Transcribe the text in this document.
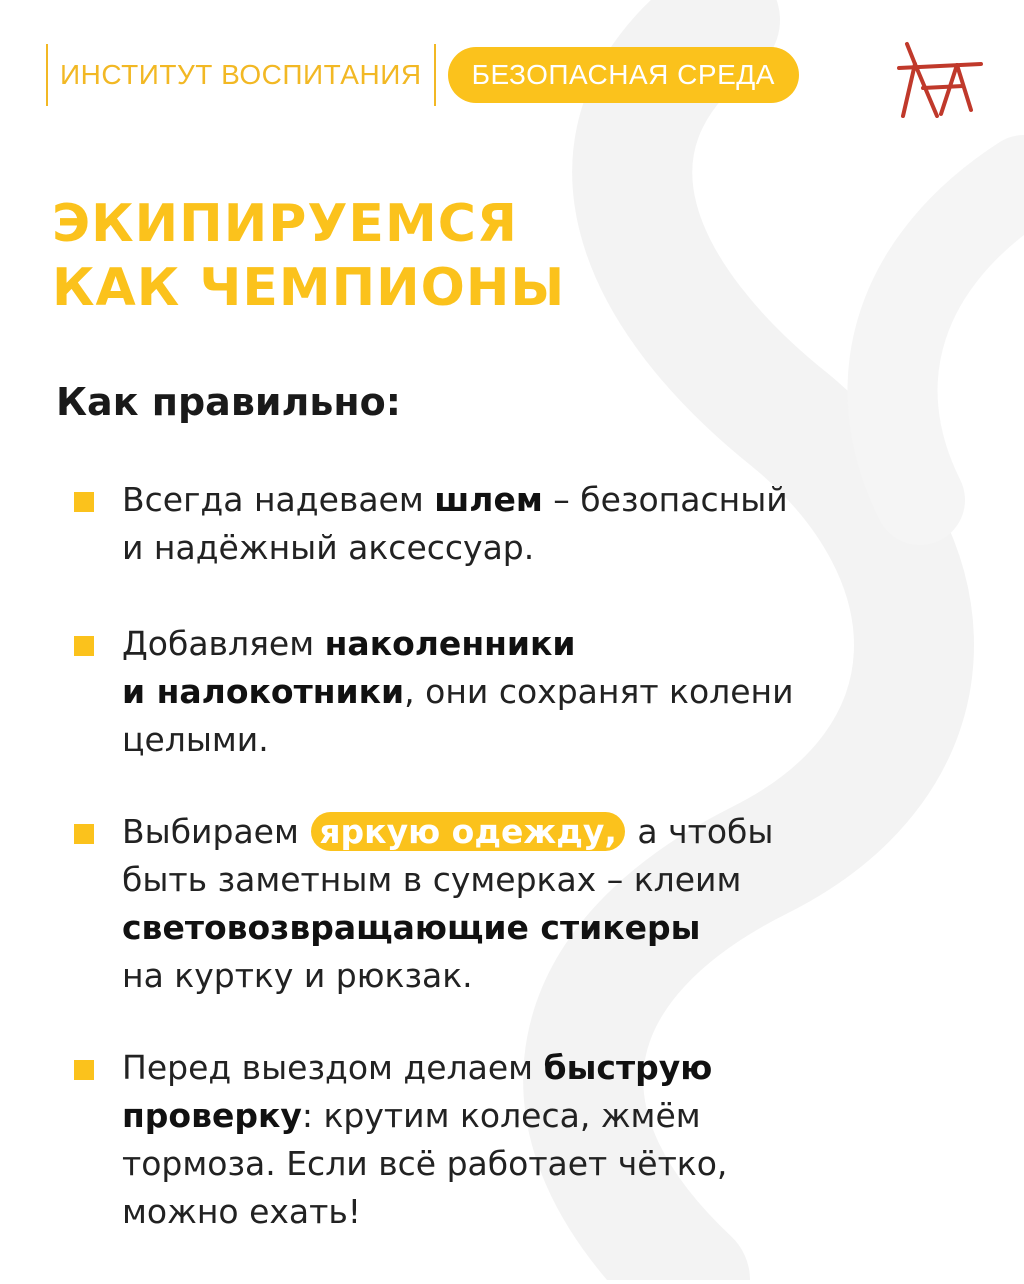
ИНСТИТУТ ВОСПИТАНИЯ	БЕЗОПАСНАЯ СРЕДА
ЭКИПИРУЕМСЯ
КАК ЧЕМПИОНЫ
Как правильно:
Всегда надеваем шлем – безопасный
и надёжный аксессуар.
Добавляем наколенники
и налокотники, они сохранят колени
целыми.
Выбираем яркую одежду, а чтобы
быть заметным в сумерках – клеим
световозвращающие стикеры
на куртку и рюкзак.
Перед выездом делаем быструю
проверку: крутим колеса, жмём
тормоза. Если всё работает чётко,
можно ехать!
